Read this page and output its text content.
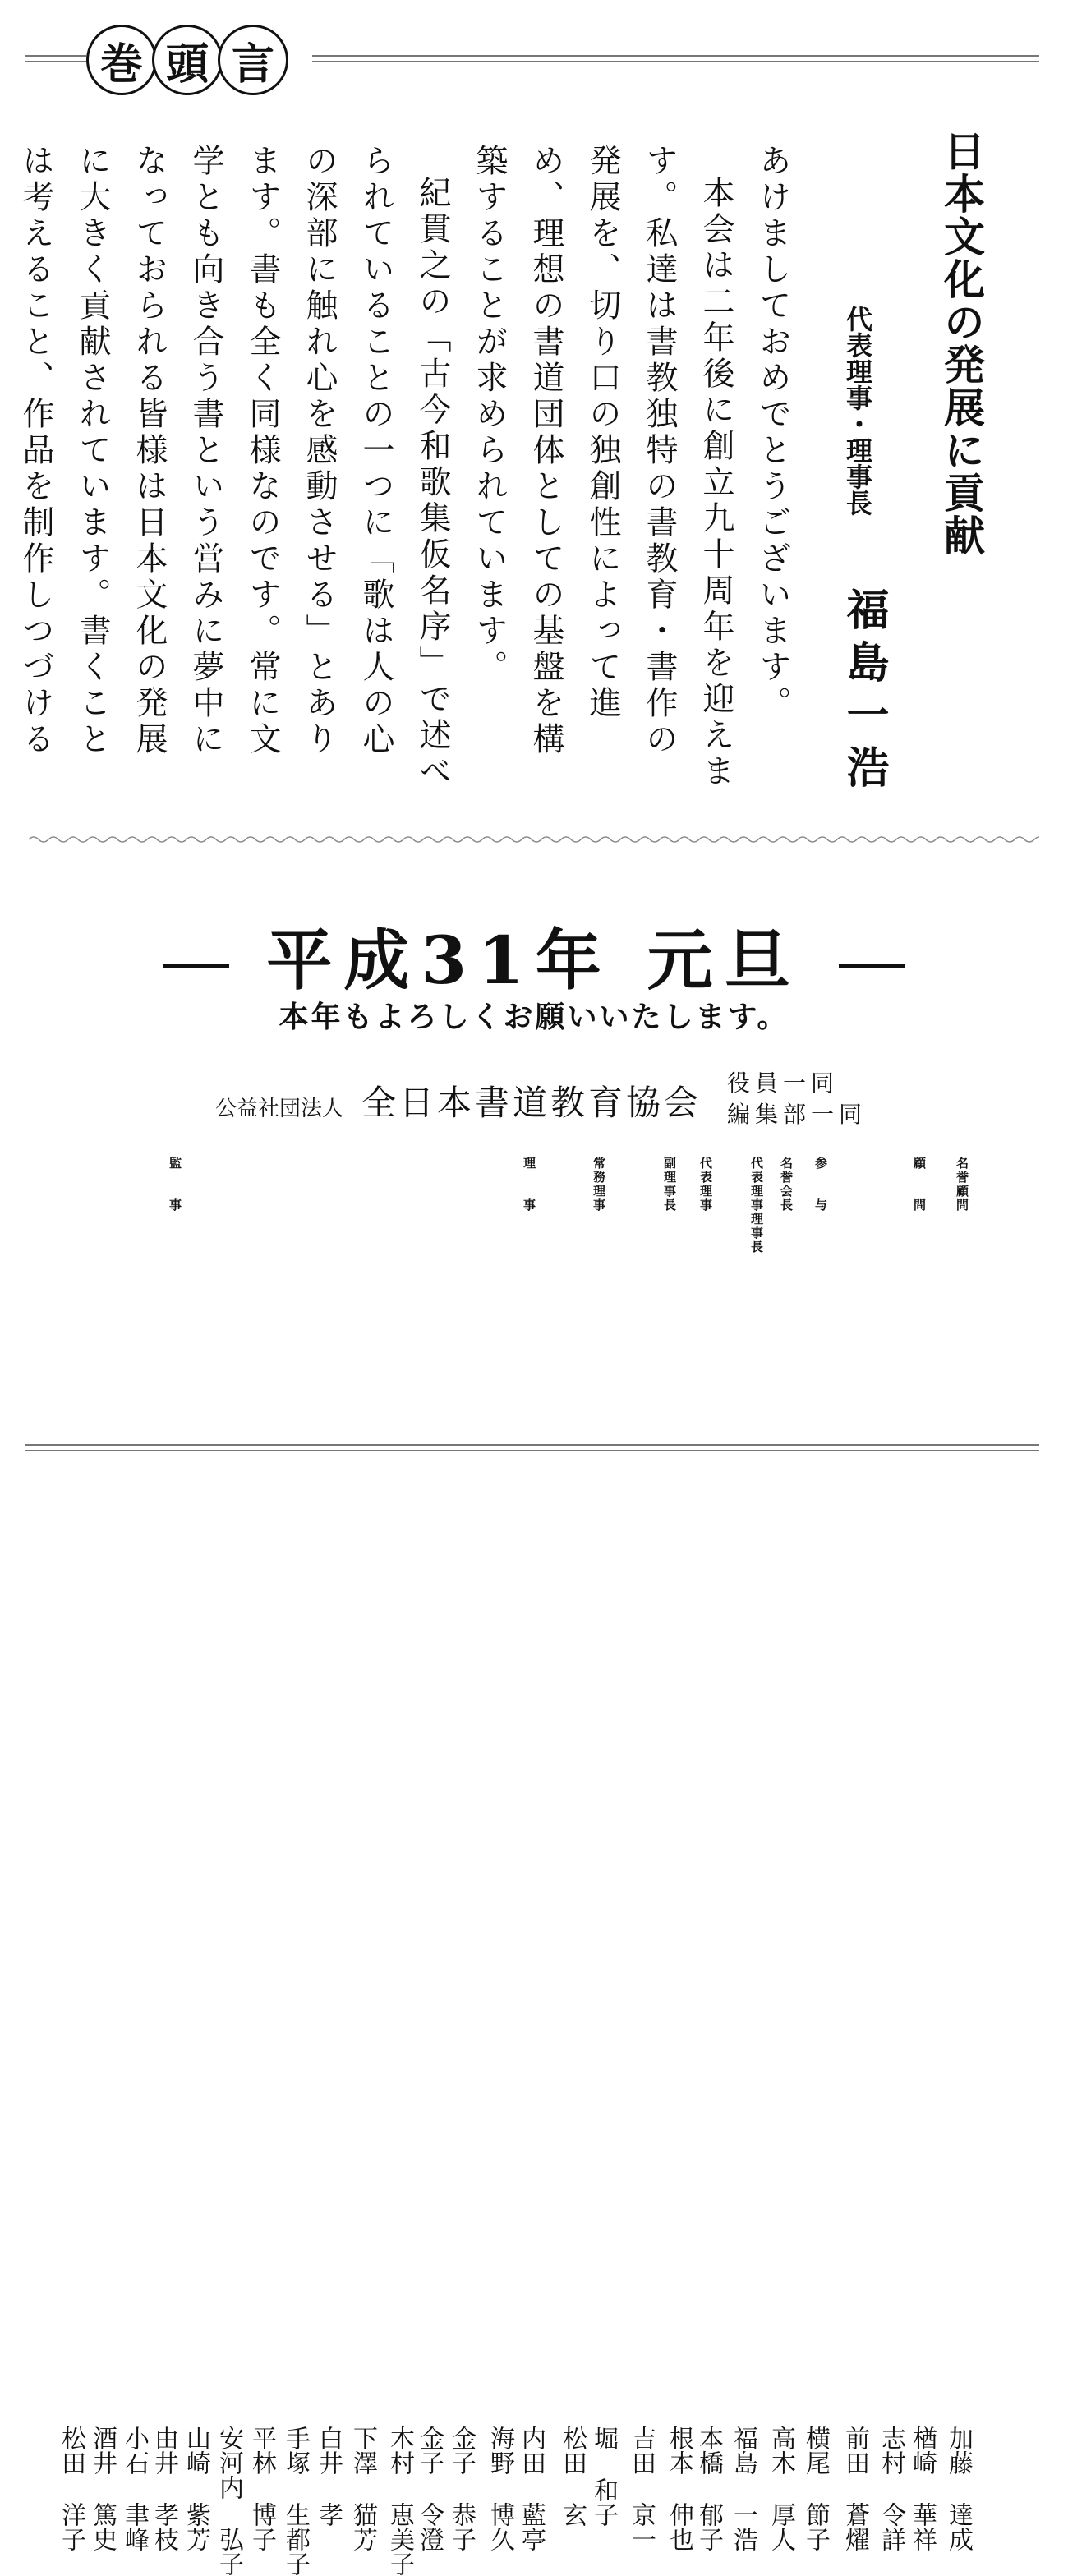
巻 頭 言
日本文化の発展に貢献
代表理事・理事長
福島一浩

あけましておめでとうございます。

本会は二年後に創立九十周年を迎えます。私達は書教独特の書教育・書作の発展を、切り口の独創性によって進め、理想の書道団体としての基盤を構築することが求められています。

紀貫之の「古今和歌集仮名序」で述べられていることの一つに「歌は人の心の深部に触れ心を感動させる」とあります。書も全く同様なのです。常に文学とも向き合う書という営みに夢中になっておられる皆様は日本文化の発展に大きく貢献されています。書くことは考えること、作品を制作しつづける

平成31年 元旦
本年もよろしくお願いいたします。
公益社団法人 全日本書道教育協会 役員一同
編集部一同
名誉顧問
顧　　問
参　　与
名誉会長
代表理事理事長
代表理事
副理事長
常務理事
理　　事
監　　事
加藤
達成
楢崎
華祥
志村
令詳
前田
蒼燿
横尾
節子
高木
厚人
福島
一浩
本橋
郁子
根本
伸也
吉田
京一
堀
和子
松田
玄
内田
藍亭
海野
博久
金子
恭子
金子
令澄
木村
恵美子
下澤
猫芳
白井
孝
手塚
生都子
平林
博子
安河内
弘子
山崎
紫芳
由井
孝枝
小石
聿峰
酒井
篤史
松田
洋子
